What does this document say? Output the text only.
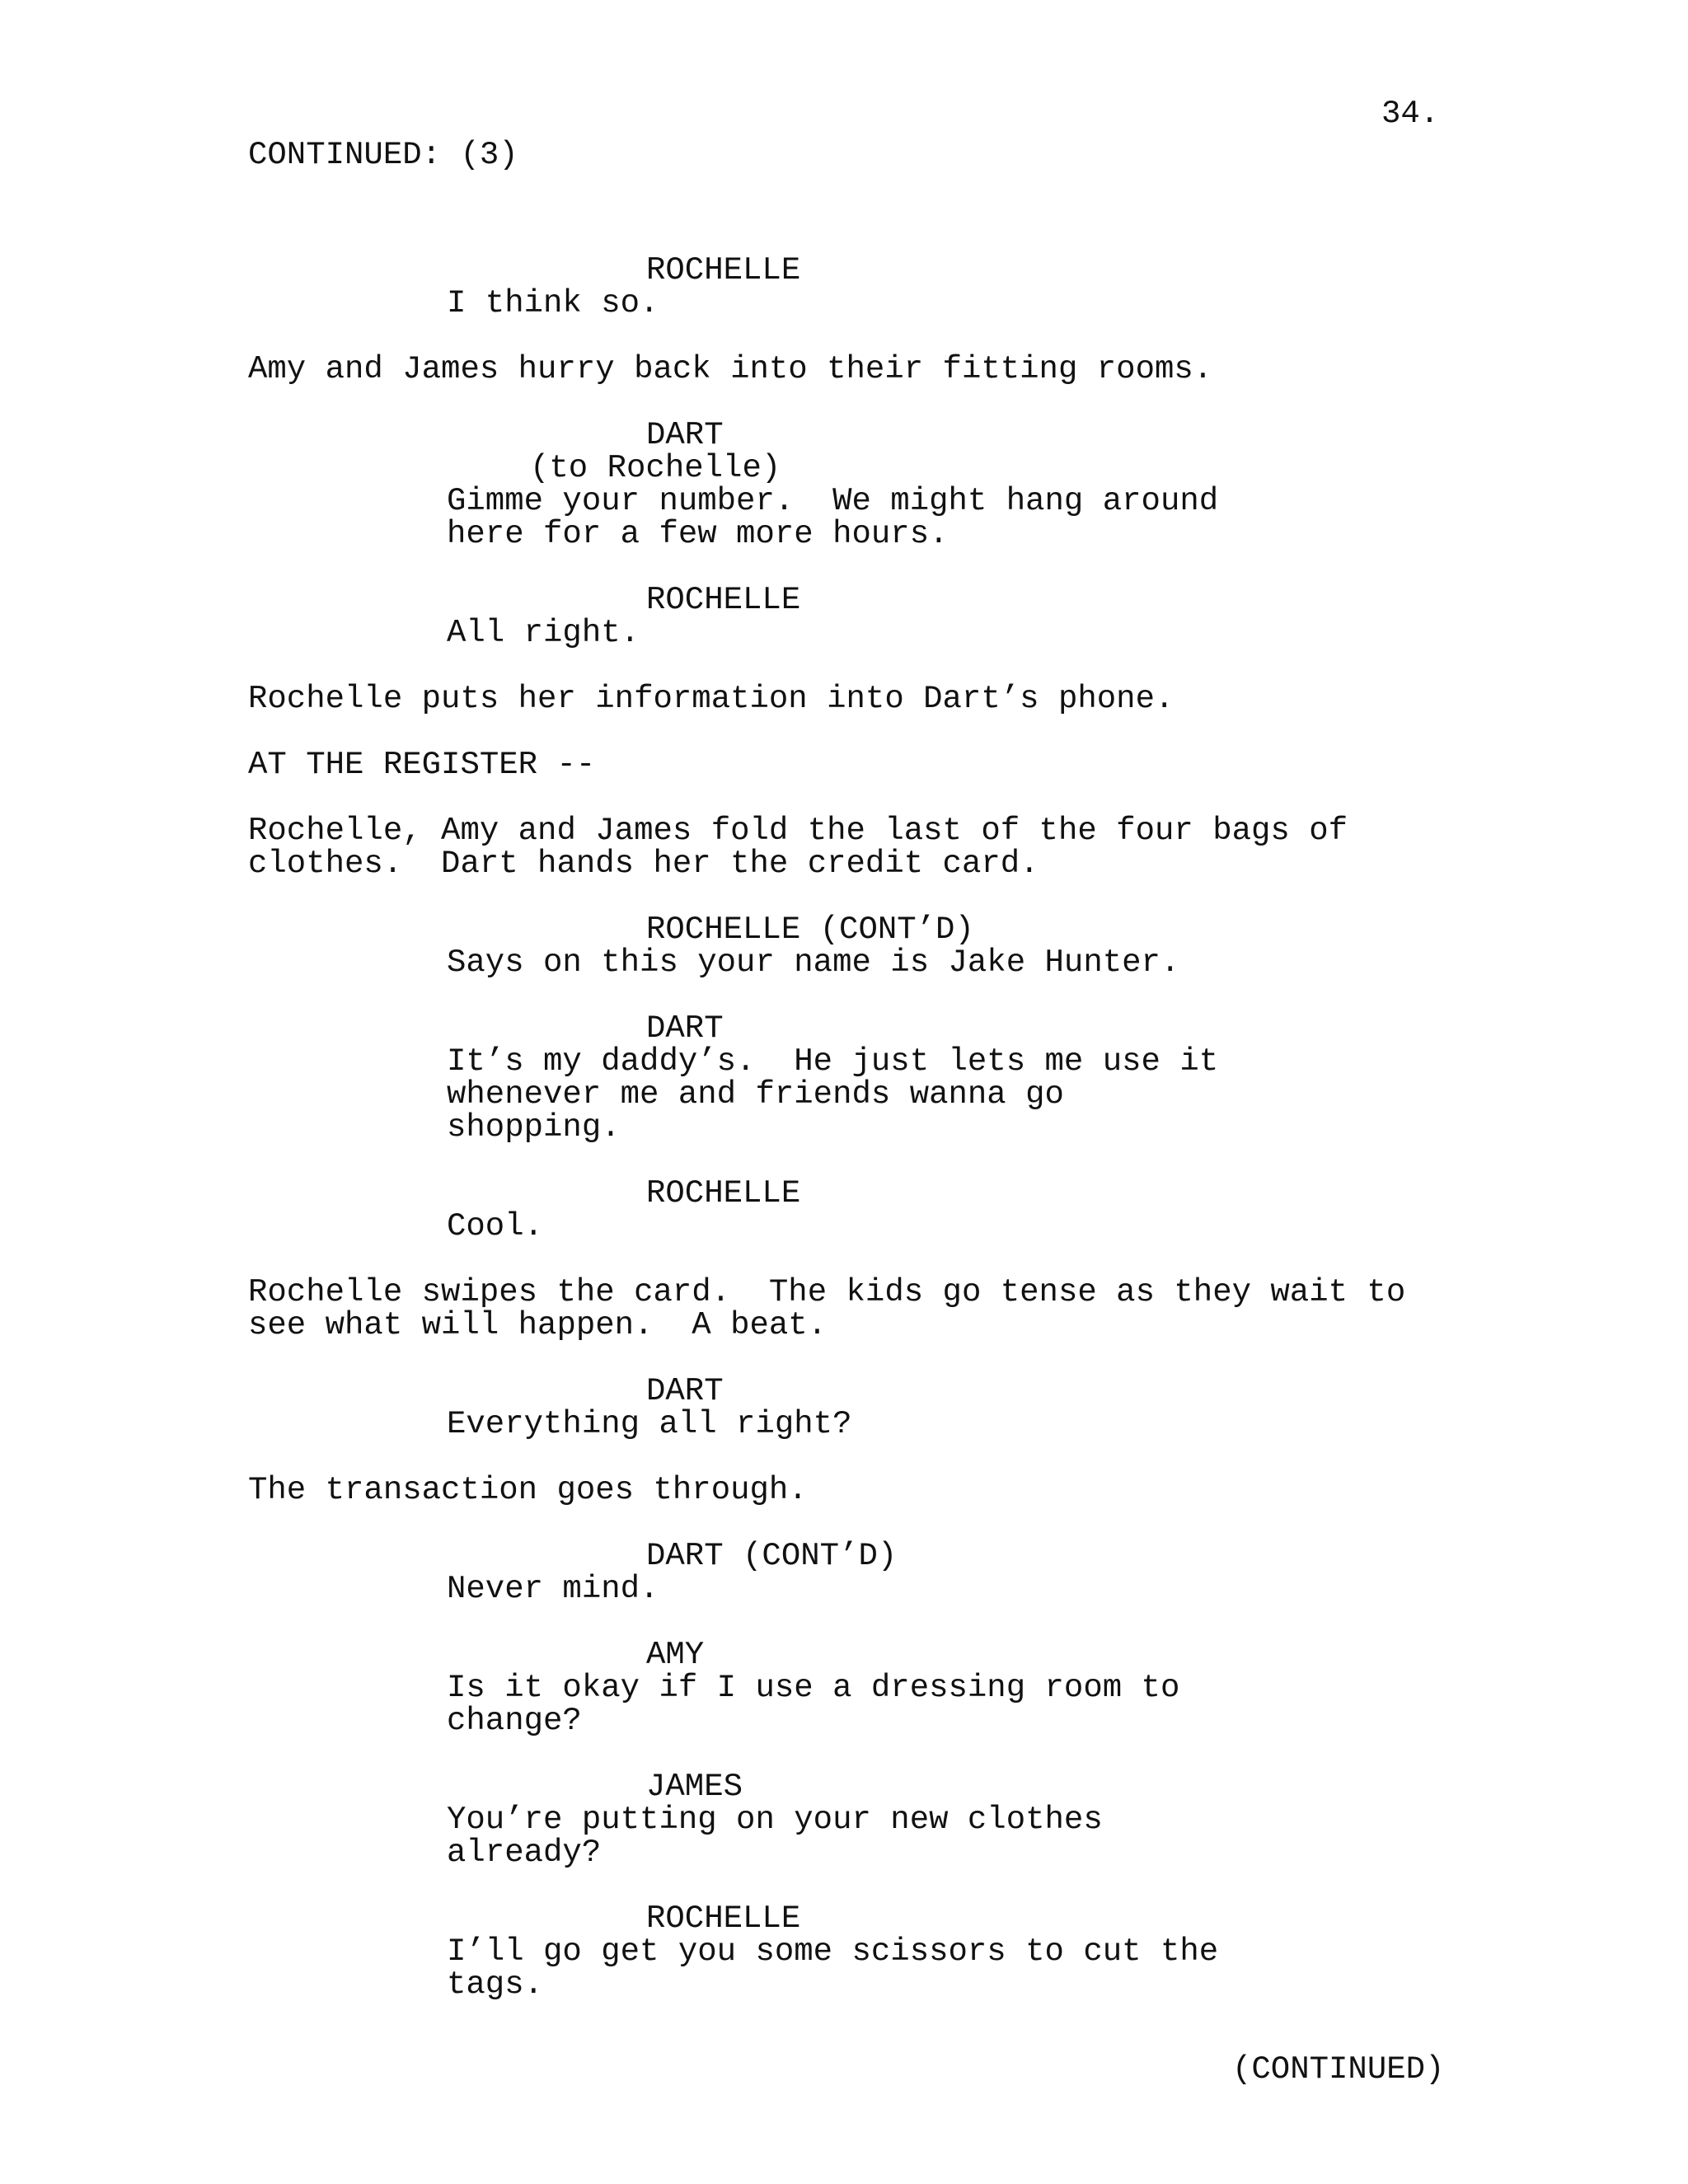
34.

CONTINUED: (3)

ROCHELLE

I think so.

Amy and James hurry back into their fitting rooms.

DART

(to Rochelle)

Gimme your number.  We might hang around

here for a few more hours.

ROCHELLE

All right.

Rochelle puts her information into Dart’s phone.

AT THE REGISTER --

Rochelle, Amy and James fold the last of the four bags of

clothes.  Dart hands her the credit card.

ROCHELLE (CONT’D)

Says on this your name is Jake Hunter.

DART

It’s my daddy’s.  He just lets me use it

whenever me and friends wanna go

shopping.

ROCHELLE

Cool.

Rochelle swipes the card.  The kids go tense as they wait to

see what will happen.  A beat.

DART

Everything all right?

The transaction goes through.

DART (CONT’D)

Never mind.

AMY

Is it okay if I use a dressing room to

change?

JAMES

You’re putting on your new clothes

already?

ROCHELLE

I’ll go get you some scissors to cut the

tags.

(CONTINUED)
